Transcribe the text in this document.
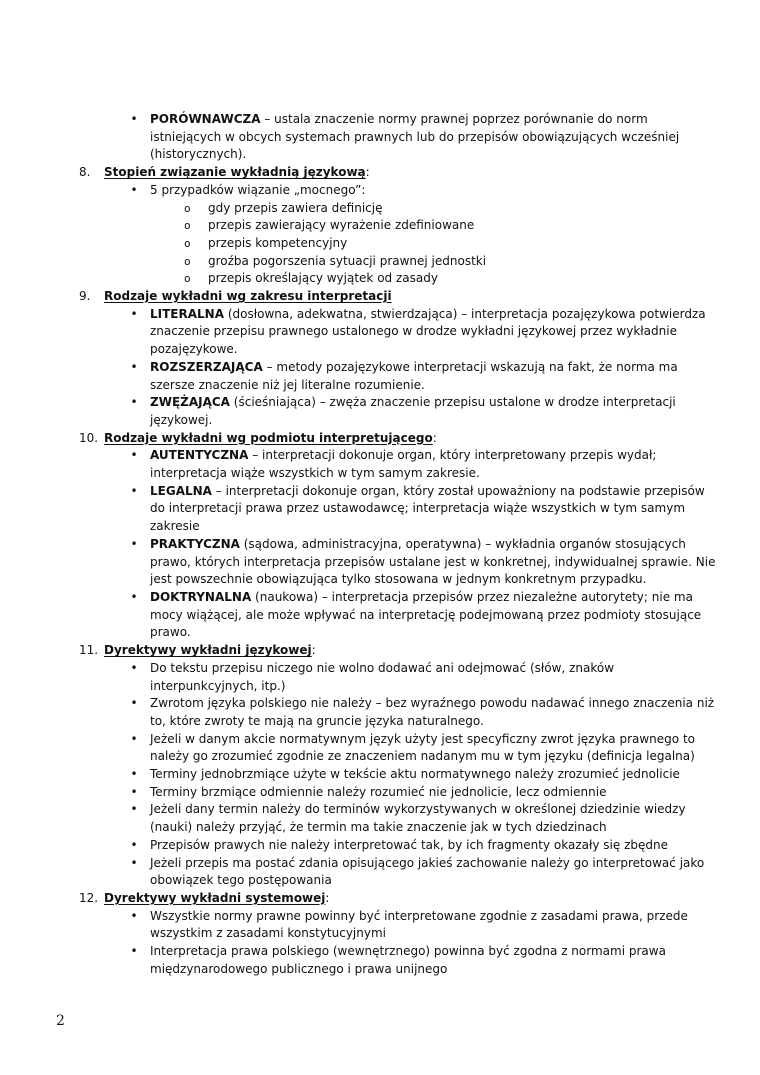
• PORÓWNAWCZA – ustala znaczenie normy prawnej poprzez porównanie do norm istniejących w obcych systemach prawnych lub do przepisów obowiązujących wcześniej (historycznych).
8. Stopień związanie wykładnią językową:
• 5 przypadków wiązanie „mocnego”:
o gdy przepis zawiera definicję
o przepis zawierający wyrażenie zdefiniowane
o przepis kompetencyjny
o groźba pogorszenia sytuacji prawnej jednostki
o przepis określający wyjątek od zasady
9. Rodzaje wykładni wg zakresu interpretacji
• LITERALNA (dosłowna, adekwatna, stwierdzająca) – interpretacja pozajęzykowa potwierdza znaczenie przepisu prawnego ustalonego w drodze wykładni językowej przez wykładnie pozajęzykowe.
• ROZSZERZAJĄCA – metody pozajęzykowe interpretacji wskazują na fakt, że norma ma szersze znaczenie niż jej literalne rozumienie.
• ZWĘŻAJĄCA (ścieśniająca) – zwęża znaczenie przepisu ustalone w drodze interpretacji językowej.
10. Rodzaje wykładni wg podmiotu interpretującego:
• AUTENTYCZNA – interpretacji dokonuje organ, który interpretowany przepis wydał; interpretacja wiąże wszystkich w tym samym zakresie.
• LEGALNA – interpretacji dokonuje organ, który został upoważniony na podstawie przepisów do interpretacji prawa przez ustawodawcę; interpretacja wiąże wszystkich w tym samym zakresie
• PRAKTYCZNA (sądowa, administracyjna, operatywna) – wykładnia organów stosujących prawo, których interpretacja przepisów ustalane jest w konkretnej, indywidualnej sprawie. Nie jest powszechnie obowiązująca tylko stosowana w jednym konkretnym przypadku.
• DOKTRYNALNA (naukowa) – interpretacja przepisów przez niezależne autorytety; nie ma mocy wiążącej, ale może wpływać na interpretację podejmowaną przez podmioty stosujące prawo.
11. Dyrektywy wykładni językowej:
• Do tekstu przepisu niczego nie wolno dodawać ani odejmować (słów, znaków interpunkcyjnych, itp.)
• Zwrotom języka polskiego nie należy – bez wyraźnego powodu nadawać innego znaczenia niż to, które zwroty te mają na gruncie języka naturalnego.
• Jeżeli w danym akcie normatywnym język użyty jest specyficzny zwrot języka prawnego to należy go zrozumieć zgodnie ze znaczeniem nadanym mu w tym języku (definicja legalna)
• Terminy jednobrzmiące użyte w tekście aktu normatywnego należy zrozumieć jednolicie
• Terminy brzmiące odmiennie należy rozumieć nie jednolicie, lecz odmiennie
• Jeżeli dany termin należy do terminów wykorzystywanych w określonej dziedzinie wiedzy (nauki) należy przyjąć, że termin ma takie znaczenie jak w tych dziedzinach
• Przepisów prawych nie należy interpretować tak, by ich fragmenty okazały się zbędne
• Jeżeli przepis ma postać zdania opisującego jakieś zachowanie należy go interpretować jako obowiązek tego postępowania
12. Dyrektywy wykładni systemowej:
• Wszystkie normy prawne powinny być interpretowane zgodnie z zasadami prawa, przede wszystkim z zasadami konstytucyjnymi
• Interpretacja prawa polskiego (wewnętrznego) powinna być zgodna z normami prawa międzynarodowego publicznego i prawa unijnego
2
